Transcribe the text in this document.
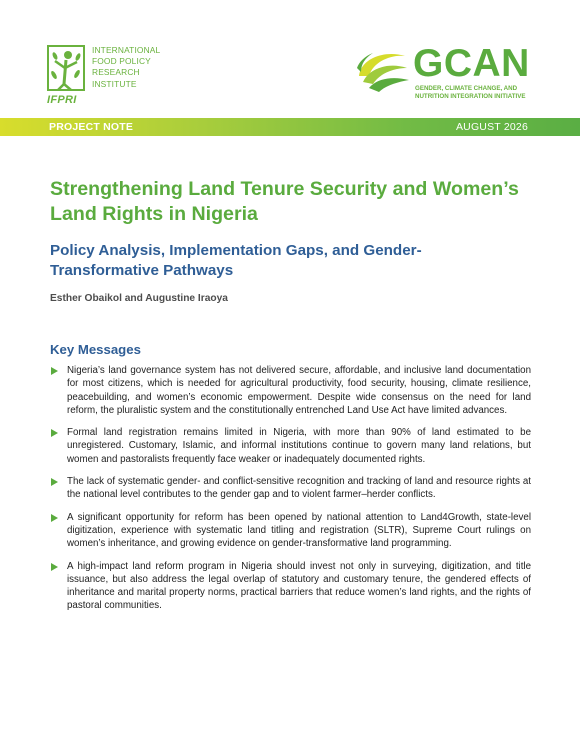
INTERNATIONAL
FOOD POLICY
RESEARCH
INSTITUTE
IFPRI
GCAN
GENDER, CLIMATE CHANGE, AND
NUTRITION INTEGRATION INITIATIVE
PROJECT NOTE	AUGUST 2026
Strengthening Land Tenure Security and Women’s Land Rights in Nigeria
Policy Analysis, Implementation Gaps, and Gender-Transformative Pathways
Esther Obaikol and Augustine Iraoya
Key Messages
Nigeria’s land governance system has not delivered secure, affordable, and inclusive land documentation for most citizens, which is needed for agricultural productivity, food security, housing, climate resilience, peacebuilding, and women’s economic empowerment. Despite wide consensus on the need for land reform, the pluralistic system and the constitutionally entrenched Land Use Act have limited advances.
Formal land registration remains limited in Nigeria, with more than 90% of land estimated to be unregistered. Customary, Islamic, and informal institutions continue to govern many land relations, but women and pastoralists frequently face weaker or inadequately documented rights.
The lack of systematic gender- and conflict-sensitive recognition and tracking of land and resource rights at the national level contributes to the gender gap and to violent farmer–herder conflicts.
A significant opportunity for reform has been opened by national attention to Land4Growth, state-level digitization, experience with systematic land titling and registration (SLTR), Supreme Court rulings on women’s inheritance, and growing evidence on gender-transformative land programming.
A high-impact land reform program in Nigeria should invest not only in surveying, digitization, and title issuance, but also address the legal overlap of statutory and customary tenure, the gendered effects of inheritance and marital property norms, practical barriers that reduce women’s land rights, and the rights of pastoral communities.
